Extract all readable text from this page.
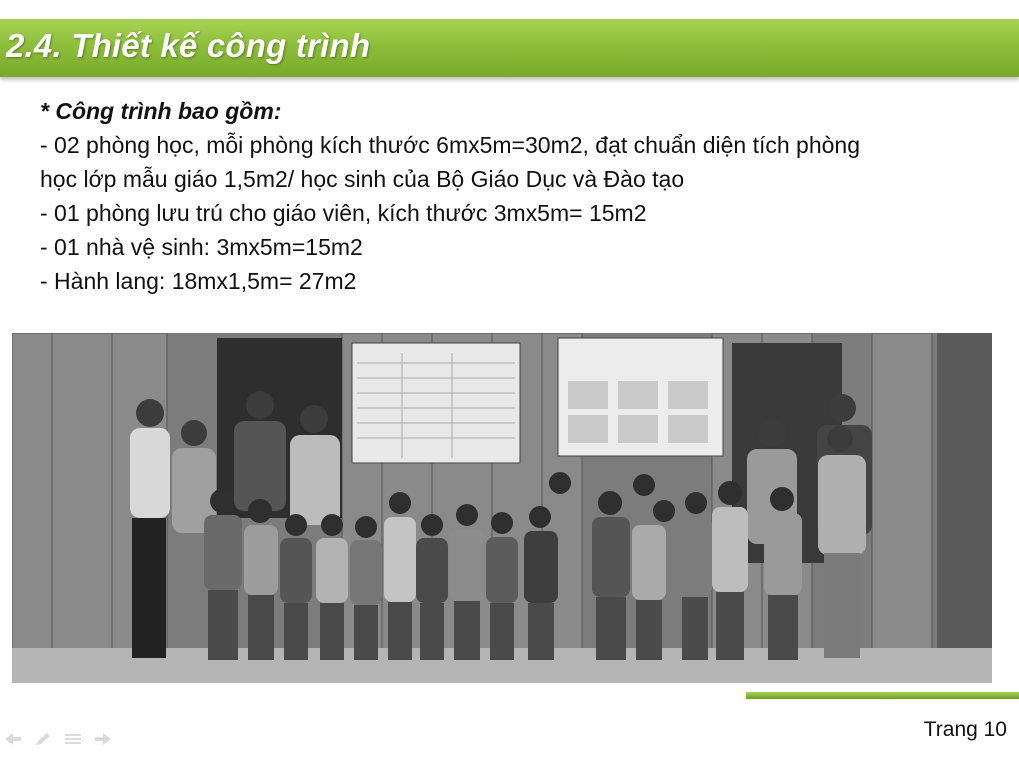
2.4. Thiết kế công trình
* Công trình bao gồm:
- 02 phòng học, mỗi phòng kích thước 6mx5m=30m2, đạt chuẩn diện tích phòng
học lớp mẫu giáo 1,5m2/ học sinh của Bộ Giáo Dục và Đào tạo
- 01 phòng lưu trú cho giáo viên, kích thước 3mx5m= 15m2
- 01 nhà vệ sinh: 3mx5m=15m2
- Hành lang: 18mx1,5m= 27m2
Trang 10
